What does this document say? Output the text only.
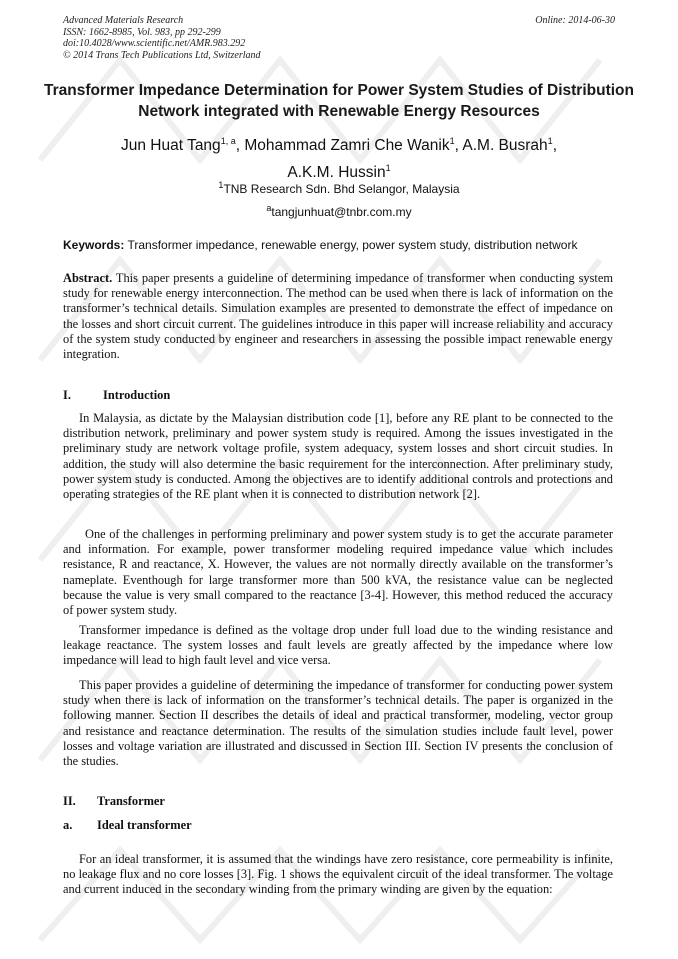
Advanced Materials Research
ISSN: 1662-8985, Vol. 983, pp 292-299
doi:10.4028/www.scientific.net/AMR.983.292
© 2014 Trans Tech Publications Ltd, Switzerland
Online: 2014-06-30
Transformer Impedance Determination for Power System Studies of Distribution Network integrated with Renewable Energy Resources
Jun Huat Tang$^{1, a}$, Mohammad Zamri Che Wanik$^1$, A.M. Busrah$^1$,
A.K.M. Hussin$^1$
$^1$TNB Research Sdn. Bhd Selangor, Malaysia
$^a$tangjunhuat@tnbr.com.my
Keywords: Transformer impedance, renewable energy, power system study, distribution network

Abstract. This paper presents a guideline of determining impedance of transformer when conducting system study for renewable energy interconnection. The method can be used when there is lack of information on the transformer’s technical details. Simulation examples are presented to demonstrate the effect of impedance on the losses and short circuit current. The guidelines introduce in this paper will increase reliability and accuracy of the system study conducted by engineer and researchers in assessing the possible impact renewable energy integration.

I.	Introduction

In Malaysia, as dictate by the Malaysian distribution code [1], before any RE plant to be connected to the distribution network, preliminary and power system study is required. Among the issues investigated in the preliminary study are network voltage profile, system adequacy, system losses and short circuit studies. In addition, the study will also determine the basic requirement for the interconnection. After preliminary study, power system study is conducted. Among the objectives are to identify additional controls and protections and operating strategies of the RE plant when it is connected to distribution network [2].

One of the challenges in performing preliminary and power system study is to get the accurate parameter and information. For example, power transformer modeling required impedance value which includes resistance, R and reactance, X. However, the values are not normally directly available on the transformer’s nameplate. Eventhough for large transformer more than 500 kVA, the resistance value can be neglected because the value is very small compared to the reactance [3-4]. However, this method reduced the accuracy of power system study.

Transformer impedance is defined as the voltage drop under full load due to the winding resistance and leakage reactance. The system losses and fault levels are greatly affected by the impedance where low impedance will lead to high fault level and vice versa.

This paper provides a guideline of determining the impedance of transformer for conducting power system study when there is lack of information on the transformer’s technical details. The paper is organized in the following manner. Section II describes the details of ideal and practical transformer, modeling, vector group and resistance and reactance determination. The results of the simulation studies include fault level, power losses and voltage variation are illustrated and discussed in Section III. Section IV presents the conclusion of the studies.

II. Transformer
a. Ideal transformer

For an ideal transformer, it is assumed that the windings have zero resistance, core permeability is infinite, no leakage flux and no core losses [3]. Fig. 1 shows the equivalent circuit of the ideal transformer. The voltage and current induced in the secondary winding from the primary winding are given by the equation:
